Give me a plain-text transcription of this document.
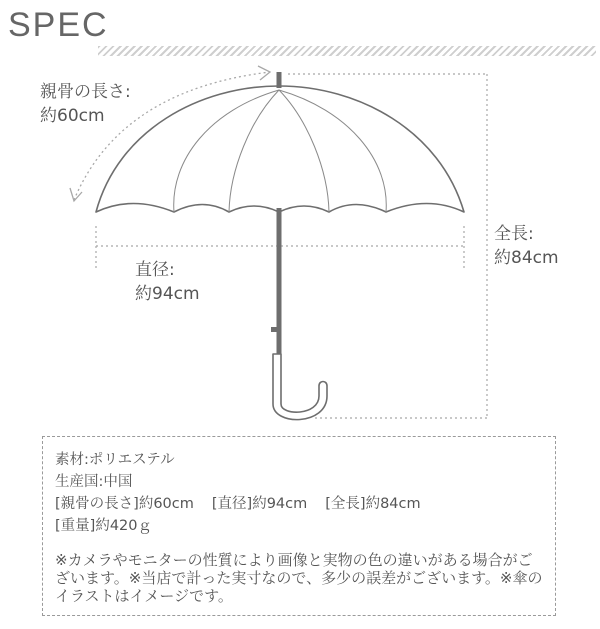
SPEC
親骨の長さ:
約60cm
直径:
約94cm
全長:
約84cm
素材:ポリエステル
生産国:中国
[親骨の長さ]約60cm [直径]約94cm [全長]約84cm
[重量]約420ｇ
※カメラやモニターの性質により画像と実物の色の違いがある場合がございます。※当店で計った実寸なので、多少の誤差がございます。※傘のイラストはイメージです。
